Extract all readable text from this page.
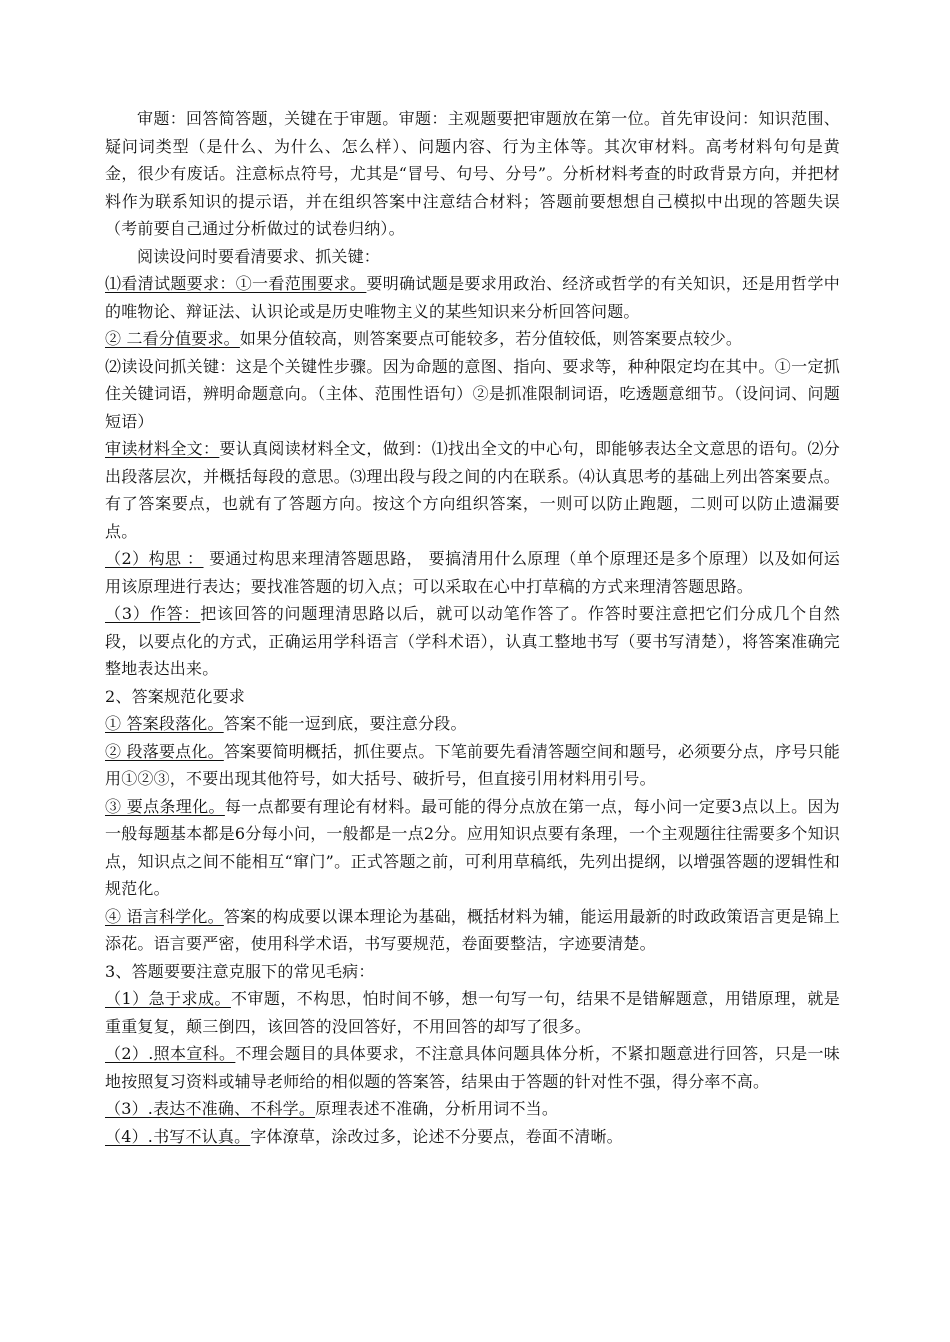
审题：回答简答题，关键在于审题。审题：主观题要把审题放在第一位。首先审设问：知识范围、疑问词类型（是什么、为什么、怎么样）、问题内容、行为主体等。其次审材料。高考材料句句是黄金，很少有废话。注意标点符号，尤其是“冒号、句号、分号”。分析材料考查的时政背景方向，并把材料作为联系知识的提示语，并在组织答案中注意结合材料；答题前要想想自己模拟中出现的答题失误（考前要自己通过分析做过的试卷归纳）。

阅读设问时要看清要求、抓关键：

⑴看清试题要求：①一看范围要求。要明确试题是要求用政治、经济或哲学的有关知识，还是用哲学中的唯物论、辩证法、认识论或是历史唯物主义的某些知识来分析回答问题。

② 二看分值要求。如果分值较高，则答案要点可能较多，若分值较低，则答案要点较少。

⑵读设问抓关键：这是个关键性步骤。因为命题的意图、指向、要求等，种种限定均在其中。①一定抓住关键词语，辨明命题意向。（主体、范围性语句）②是抓准限制词语，吃透题意细节。（设问词、问题短语）

审读材料全文：要认真阅读材料全文，做到：⑴找出全文的中心句，即能够表达全文意思的语句。⑵分出段落层次，并概括每段的意思。⑶理出段与段之间的内在联系。⑷认真思考的基础上列出答案要点。有了答案要点，也就有了答题方向。按这个方向组织答案，一则可以防止跑题，二则可以防止遗漏要点。

（2）构思 ： 要通过构思来理清答题思路， 要搞清用什么原理（单个原理还是多个原理）以及如何运用该原理进行表达；要找准答题的切入点；可以采取在心中打草稿的方式来理清答题思路。

（3）作答：把该回答的问题理清思路以后，就可以动笔作答了。作答时要注意把它们分成几个自然段，以要点化的方式，正确运用学科语言（学科术语），认真工整地书写（要书写清楚），将答案准确完整地表达出来。

2、答案规范化要求

① 答案段落化。答案不能一逗到底，要注意分段。

② 段落要点化。答案要简明概括，抓住要点。下笔前要先看清答题空间和题号，必须要分点，序号只能用①②③，不要出现其他符号，如大括号、破折号，但直接引用材料用引号。

③ 要点条理化。每一点都要有理论有材料。最可能的得分点放在第一点，每小问一定要3点以上。因为一般每题基本都是6分每小问，一般都是一点2分。应用知识点要有条理，一个主观题往往需要多个知识点，知识点之间不能相互“窜门”。正式答题之前，可利用草稿纸，先列出提纲，以增强答题的逻辑性和规范化。

④ 语言科学化。答案的构成要以课本理论为基础，概括材料为辅，能运用最新的时政政策语言更是锦上添花。语言要严密，使用科学术语，书写要规范，卷面要整洁，字迹要清楚。

3、答题要要注意克服下的常见毛病：

（1）急于求成。不审题，不构思，怕时间不够，想一句写一句，结果不是错解题意，用错原理，就是重重复复，颠三倒四，该回答的没回答好，不用回答的却写了很多。

（2）.照本宣科。不理会题目的具体要求，不注意具体问题具体分析，不紧扣题意进行回答，只是一味地按照复习资料或辅导老师给的相似题的答案答，结果由于答题的针对性不强，得分率不高。

（3）.表达不准确、不科学。原理表述不准确，分析用词不当。

（4）.书写不认真。字体潦草，涂改过多，论述不分要点，卷面不清晰。
